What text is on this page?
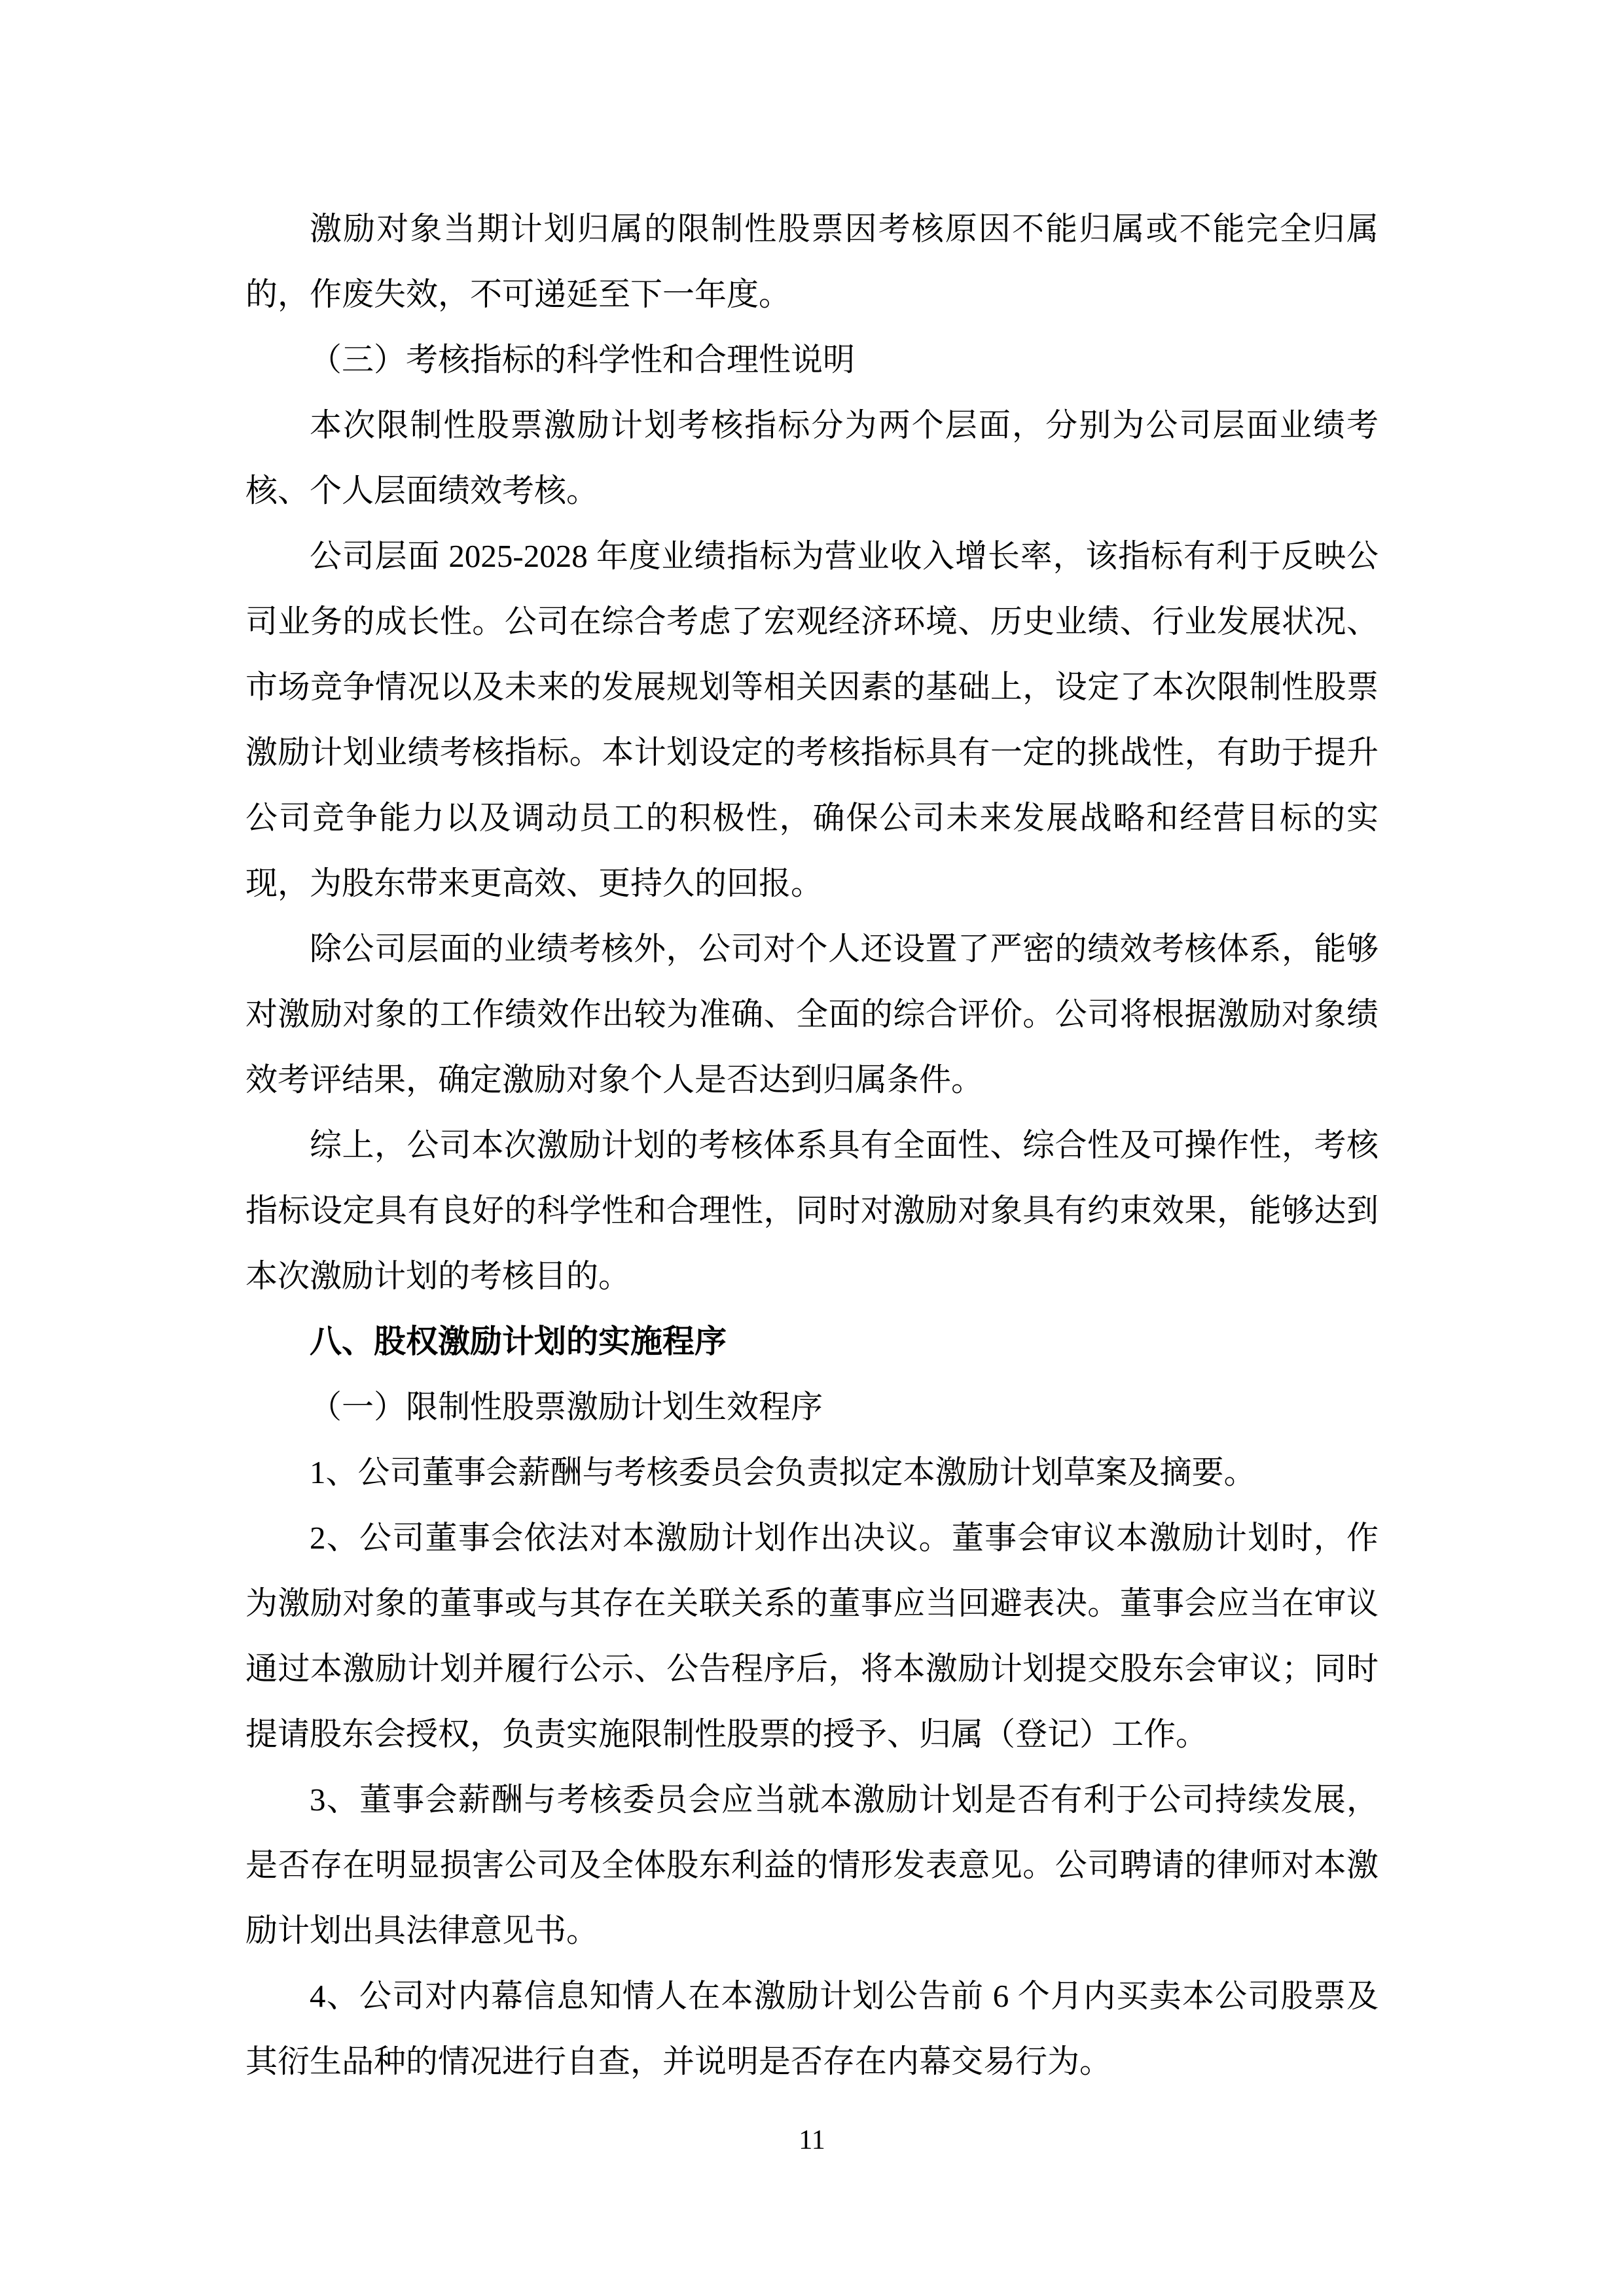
激励对象当期计划归属的限制性股票因考核原因不能归属或不能完全归属
的，作废失效，不可递延至下一年度。
（三）考核指标的科学性和合理性说明
本次限制性股票激励计划考核指标分为两个层面，分别为公司层面业绩考
核、个人层面绩效考核。
公司层面 2025-2028 年度业绩指标为营业收入增长率，该指标有利于反映公
司业务的成长性。公司在综合考虑了宏观经济环境、历史业绩、行业发展状况、
市场竞争情况以及未来的发展规划等相关因素的基础上，设定了本次限制性股票
激励计划业绩考核指标。本计划设定的考核指标具有一定的挑战性，有助于提升
公司竞争能力以及调动员工的积极性，确保公司未来发展战略和经营目标的实
现，为股东带来更高效、更持久的回报。
除公司层面的业绩考核外，公司对个人还设置了严密的绩效考核体系，能够
对激励对象的工作绩效作出较为准确、全面的综合评价。公司将根据激励对象绩
效考评结果，确定激励对象个人是否达到归属条件。
综上，公司本次激励计划的考核体系具有全面性、综合性及可操作性，考核
指标设定具有良好的科学性和合理性，同时对激励对象具有约束效果，能够达到
本次激励计划的考核目的。
八、股权激励计划的实施程序
（一）限制性股票激励计划生效程序
1、公司董事会薪酬与考核委员会负责拟定本激励计划草案及摘要。
2、公司董事会依法对本激励计划作出决议。董事会审议本激励计划时，作
为激励对象的董事或与其存在关联关系的董事应当回避表决。董事会应当在审议
通过本激励计划并履行公示、公告程序后，将本激励计划提交股东会审议；同时
提请股东会授权，负责实施限制性股票的授予、归属（登记）工作。
3、董事会薪酬与考核委员会应当就本激励计划是否有利于公司持续发展，
是否存在明显损害公司及全体股东利益的情形发表意见。公司聘请的律师对本激
励计划出具法律意见书。
4、公司对内幕信息知情人在本激励计划公告前 6 个月内买卖本公司股票及
其衍生品种的情况进行自查，并说明是否存在内幕交易行为。
11
